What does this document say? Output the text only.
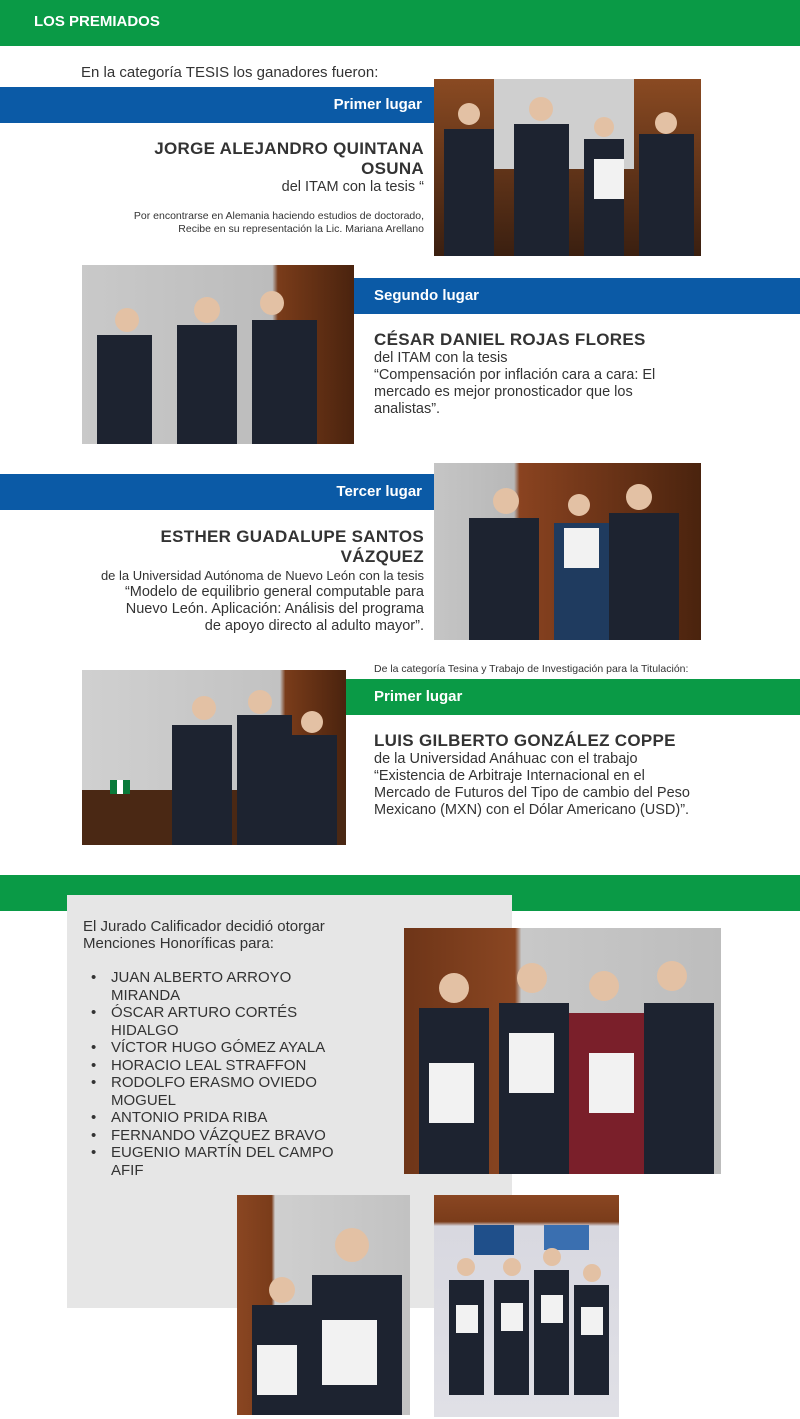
LOS PREMIADOS
En la categoría TESIS los ganadores fueron:
Primer lugar
JORGE ALEJANDRO QUINTANA
OSUNA
del ITAM con la tesis “
Por encontrarse en Alemania haciendo estudios de doctorado,
Recibe en su representación la Lic. Mariana Arellano
Segundo lugar
CÉSAR DANIEL ROJAS FLORES
del ITAM con la tesis
“Compensación por inflación cara a cara: El
mercado es mejor pronosticador que los
analistas”.
Tercer lugar
ESTHER GUADALUPE SANTOS
VÁZQUEZ
de la Universidad Autónoma de Nuevo León con la tesis
“Modelo de equilibrio general computable para
Nuevo León. Aplicación: Análisis del programa
de apoyo directo al adulto mayor”.
De la categoría Tesina y Trabajo de Investigación para la Titulación:
Primer lugar
LUIS GILBERTO GONZÁLEZ COPPE
de la Universidad Anáhuac con el trabajo
“Existencia de Arbitraje Internacional en el
Mercado de Futuros del Tipo de cambio del Peso
Mexicano (MXN) con el Dólar Americano (USD)”.
El Jurado Calificador decidió otorgar
Menciones Honoríficas para:
• JUAN ALBERTO ARROYO
MIRANDA
• ÓSCAR ARTURO CORTÉS
HIDALGO
• VÍCTOR HUGO GÓMEZ AYALA
• HORACIO LEAL STRAFFON
• RODOLFO ERASMO OVIEDO
MOGUEL
• ANTONIO PRIDA RIBA
• FERNANDO VÁZQUEZ BRAVO
• EUGENIO MARTÍN DEL CAMPO
AFIF
